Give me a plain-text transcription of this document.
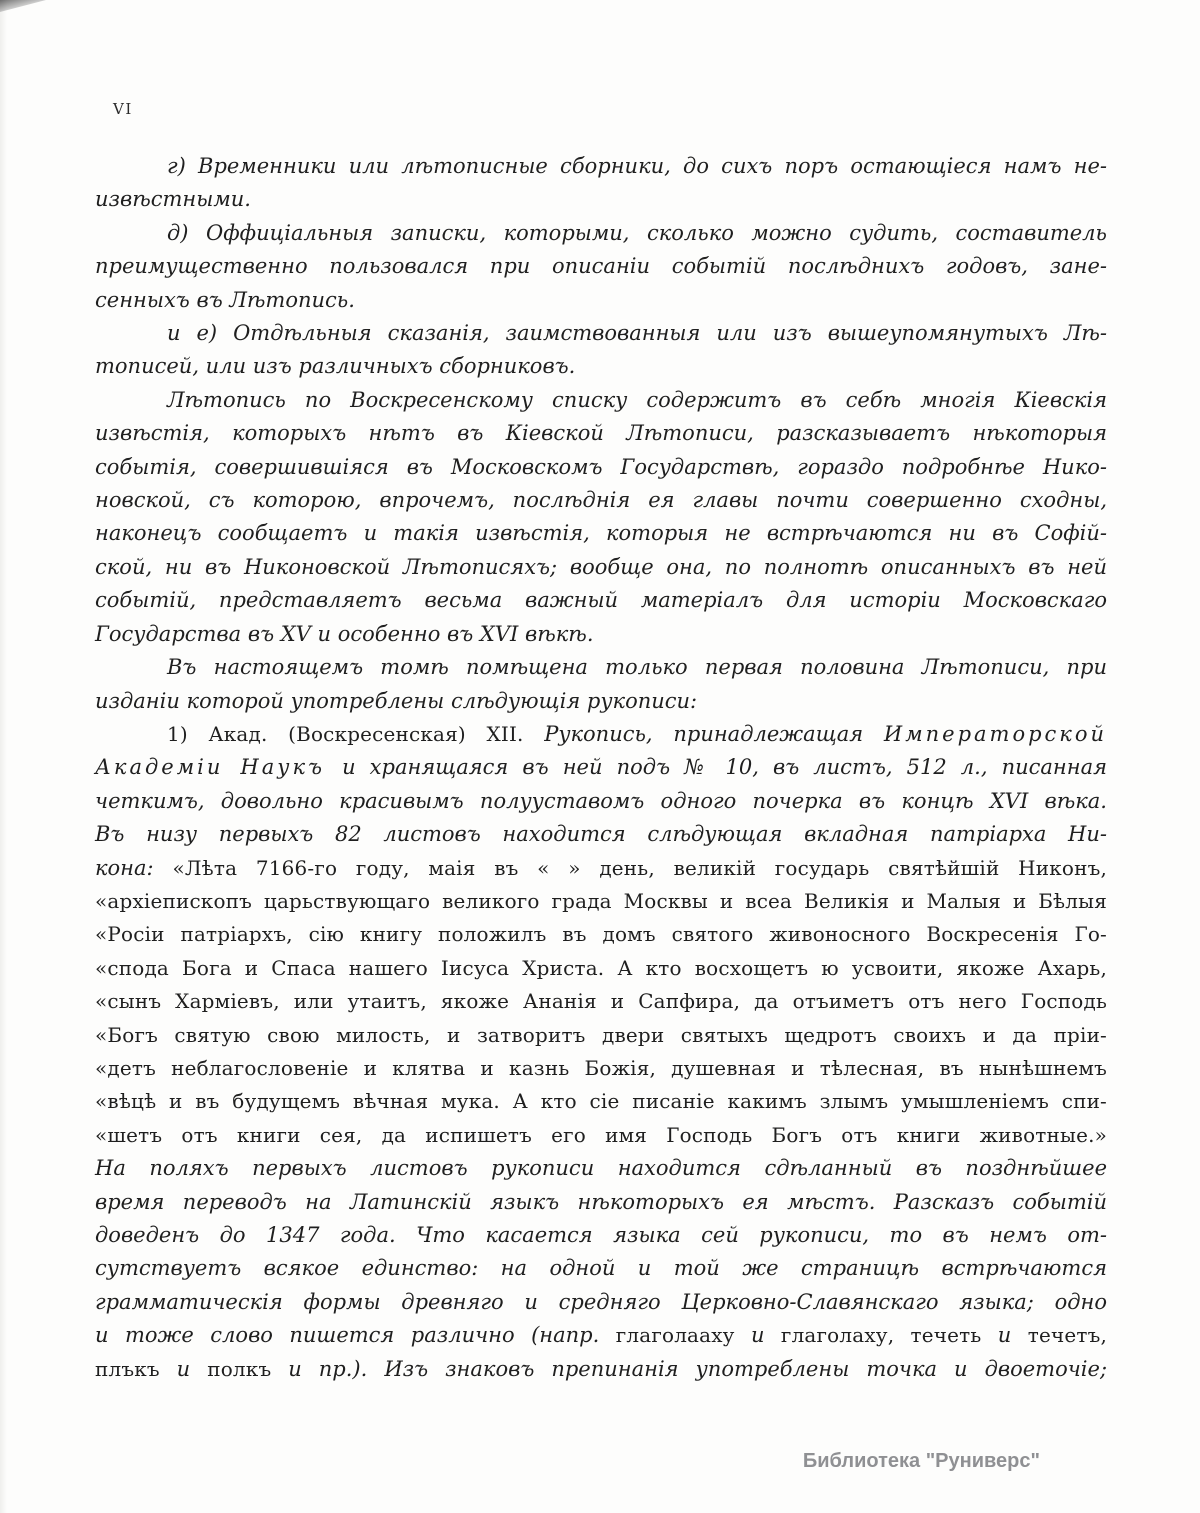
VI
г) Временники или лѣтописные сборники, до сихъ поръ остающіеся намъ не-
извѣстными.
д) Оффиціальныя записки, которыми, сколько можно судить, составитель
преимущественно пользовался при описаніи событій послѣднихъ годовъ, зане-
сенныхъ въ Лѣтопись.
и е) Отдѣльныя сказанія, заимствованныя или изъ вышеупомянутыхъ Лѣ-
тописей, или изъ различныхъ сборниковъ.
Лѣтопись по Воскресенскому списку содержитъ въ себѣ многія Кіевскія
извѣстія, которыхъ нѣтъ въ Кіевской Лѣтописи, разсказываетъ нѣкоторыя
событія, совершившіяся въ Московскомъ Государствѣ, гораздо подробнѣе Нико-
новской, съ которою, впрочемъ, послѣднія ея главы почти совершенно сходны,
наконецъ сообщаетъ и такія извѣстія, которыя не встрѣчаются ни въ Софій-
ской, ни въ Никоновской Лѣтописяхъ; вообще она, по полнотѣ описанныхъ въ ней
событій, представляетъ весьма важный матеріалъ для исторіи Московскаго
Государства въ XV и особенно въ XVI вѣкѣ.
Въ настоящемъ томѣ помѣщена только первая половина Лѣтописи, при
изданіи которой употреблены слѣдующія рукописи:
1) Акад. (Воскресенская) XII. Рукопись, принадлежащая Императорской
Академіи Наукъ и хранящаяся въ ней подъ № 10, въ листъ, 512 л., писанная
четкимъ, довольно красивымъ полууставомъ одного почерка въ концѣ XVI вѣка.
Въ низу первыхъ 82 листовъ находится слѣдующая вкладная патріарха Ни-
кона: «Лѣта 7166-го году, маія въ « » день, великій государь святѣйшій Никонъ,
«архіепископъ царьствующаго великого града Москвы и всеа Великія и Малыя и Бѣлыя
«Росіи патріархъ, сію книгу положилъ въ домъ святого живоносного Воскресенія Го-
«спода Бога и Спаса нашего Іисуса Христа. А кто восхощетъ ю усвоити, якоже Ахарь,
«сынъ Харміевъ, или утаитъ, якоже Ананія и Сапфира, да отъиметъ отъ него Господь
«Богъ святую свою милость, и затворитъ двери святыхъ щедротъ своихъ и да пріи-
«детъ неблагословеніе и клятва и казнь Божія, душевная и тѣлесная, въ нынѣшнемъ
«вѣцѣ и въ будущемъ вѣчная мука. А кто сіе писаніе какимъ злымъ умышленіемъ спи-
«шетъ отъ книги сея, да испишетъ его имя Господь Богъ отъ книги животные.»
На поляхъ первыхъ листовъ рукописи находится сдѣланный въ позднѣйшее
время переводъ на Латинскій языкъ нѣкоторыхъ ея мѣстъ. Разсказъ событій
доведенъ до 1347 года. Что касается языка сей рукописи, то въ немъ от-
сутствуетъ всякое единство: на одной и той же страницѣ встрѣчаются
грамматическія формы древняго и средняго Церковно-Славянскаго языка; одно
и тоже слово пишется различно (напр. глаголааху и глаголаху, течеть и течетъ,
плъкъ и полкъ и пр.). Изъ знаковъ препинанія употреблены точка и двоеточіе;
Библиотека "Руниверс"
